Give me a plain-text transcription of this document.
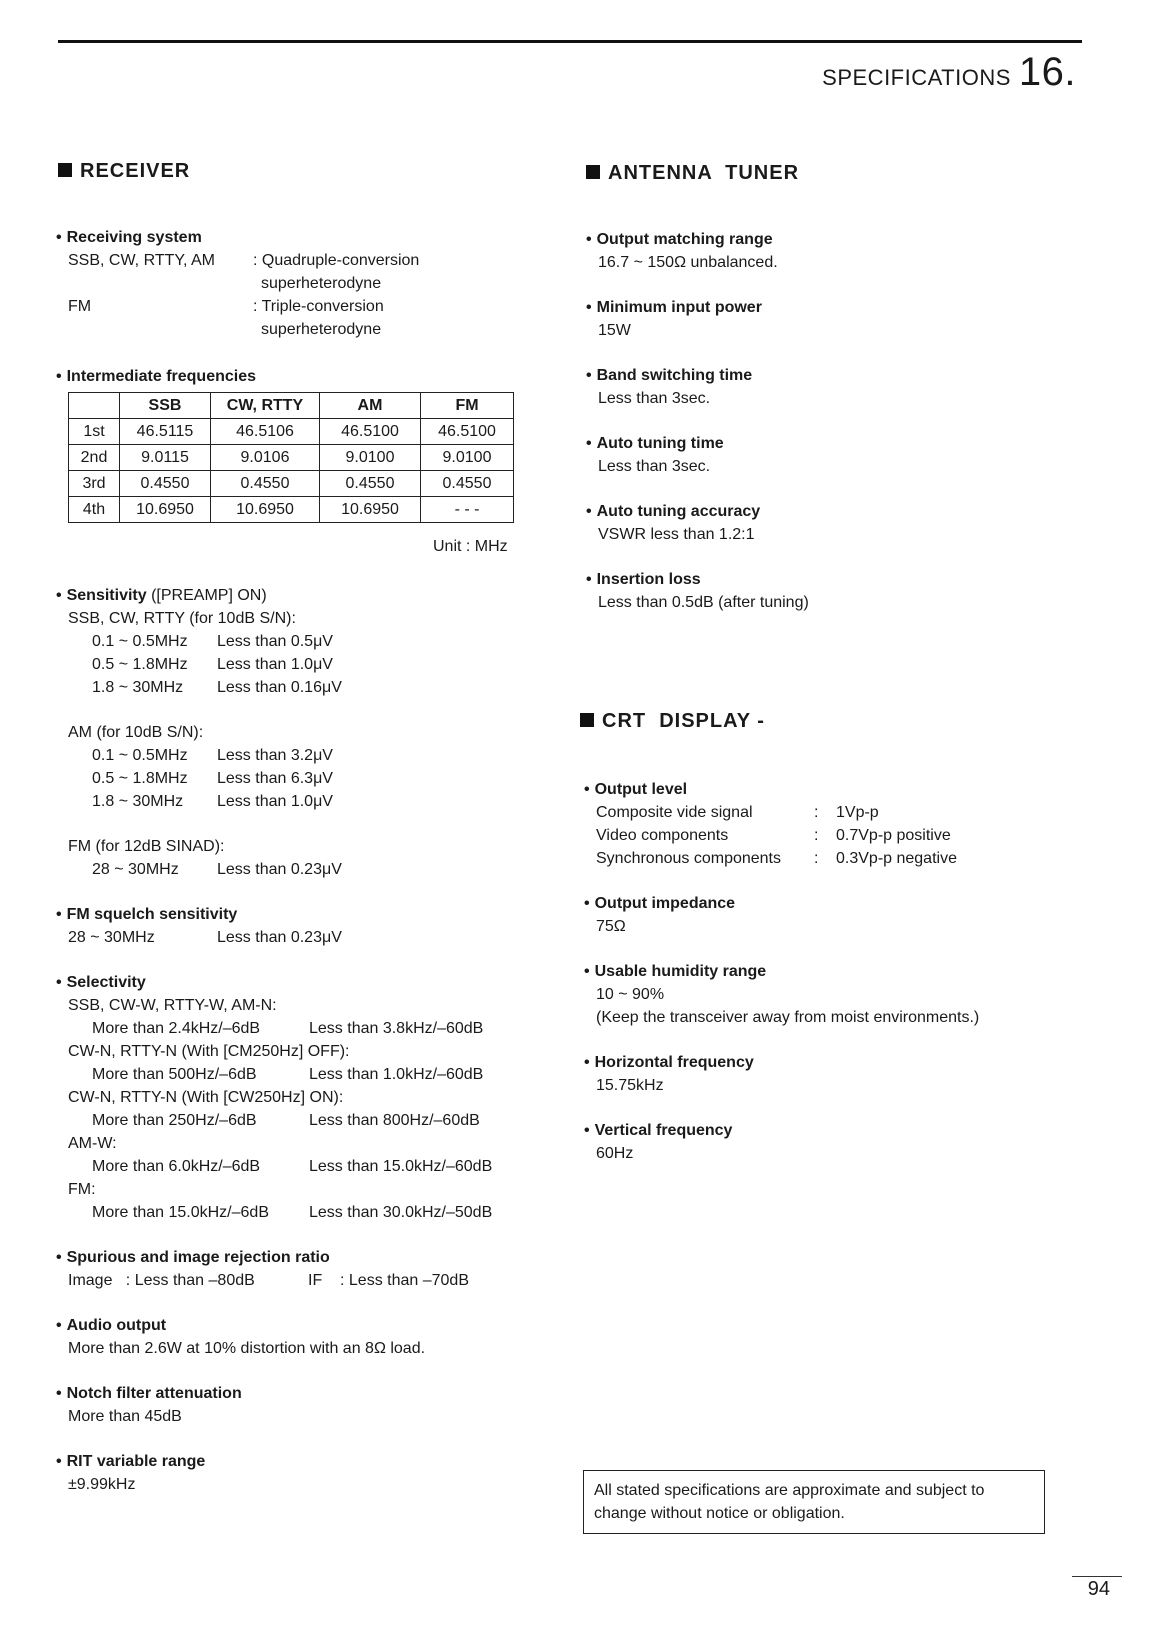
SPECIFICATIONS 16.
RECEIVER
• Receiving system
SSB, CW, RTTY, AM	: Quadruple-conversion
superheterodyne
FM	: Triple-conversion
superheterodyne
• Intermediate frequencies
	SSB	CW, RTTY	AM	FM
1st	46.5115	46.5106	46.5100	46.5100
2nd	9.0115	9.0106	9.0100	9.0100
3rd	0.4550	0.4550	0.4550	0.4550
4th	10.6950	10.6950	10.6950	- - -
Unit : MHz
• Sensitivity ([PREAMP] ON)
SSB, CW, RTTY (for 10dB S/N):
0.1 ~ 0.5MHz	Less than 0.5μV
0.5 ~ 1.8MHz	Less than 1.0μV
1.8 ~ 30MHz	Less than 0.16μV
AM (for 10dB S/N):
0.1 ~ 0.5MHz	Less than 3.2μV
0.5 ~ 1.8MHz	Less than 6.3μV
1.8 ~ 30MHz	Less than 1.0μV
FM (for 12dB SINAD):
28 ~ 30MHz	Less than 0.23μV
• FM squelch sensitivity
28 ~ 30MHz	Less than 0.23μV
• Selectivity
SSB, CW-W, RTTY-W, AM-N:
More than 2.4kHz/–6dB	Less than 3.8kHz/–60dB
CW-N, RTTY-N (With [CM250Hz] OFF):
More than 500Hz/–6dB	Less than 1.0kHz/–60dB
CW-N, RTTY-N (With [CW250Hz] ON):
More than 250Hz/–6dB	Less than 800Hz/–60dB
AM-W:
More than 6.0kHz/–6dB	Less than 15.0kHz/–60dB
FM:
More than 15.0kHz/–6dB	Less than 30.0kHz/–50dB
• Spurious and image rejection ratio
Image   : Less than –80dB	IF    : Less than –70dB
• Audio output
More than 2.6W at 10% distortion with an 8Ω load.
• Notch filter attenuation
More than 45dB
• RIT variable range
±9.99kHz
ANTENNA  TUNER
• Output matching range
16.7 ~ 150Ω unbalanced.
• Minimum input power
15W
• Band switching time
Less than 3sec.
• Auto tuning time
Less than 3sec.
• Auto tuning accuracy
VSWR less than 1.2:1
• Insertion loss
Less than 0.5dB (after tuning)
CRT  DISPLAY -
• Output level
Composite vide signal	:	1Vp-p
Video components	:	0.7Vp-p positive
Synchronous components	:	0.3Vp-p negative
• Output impedance
75Ω
• Usable humidity range
10 ~ 90%
(Keep the transceiver away from moist environments.)
• Horizontal frequency
15.75kHz
• Vertical frequency
60Hz
All stated specifications are approximate and subject to change without notice or obligation.
94
